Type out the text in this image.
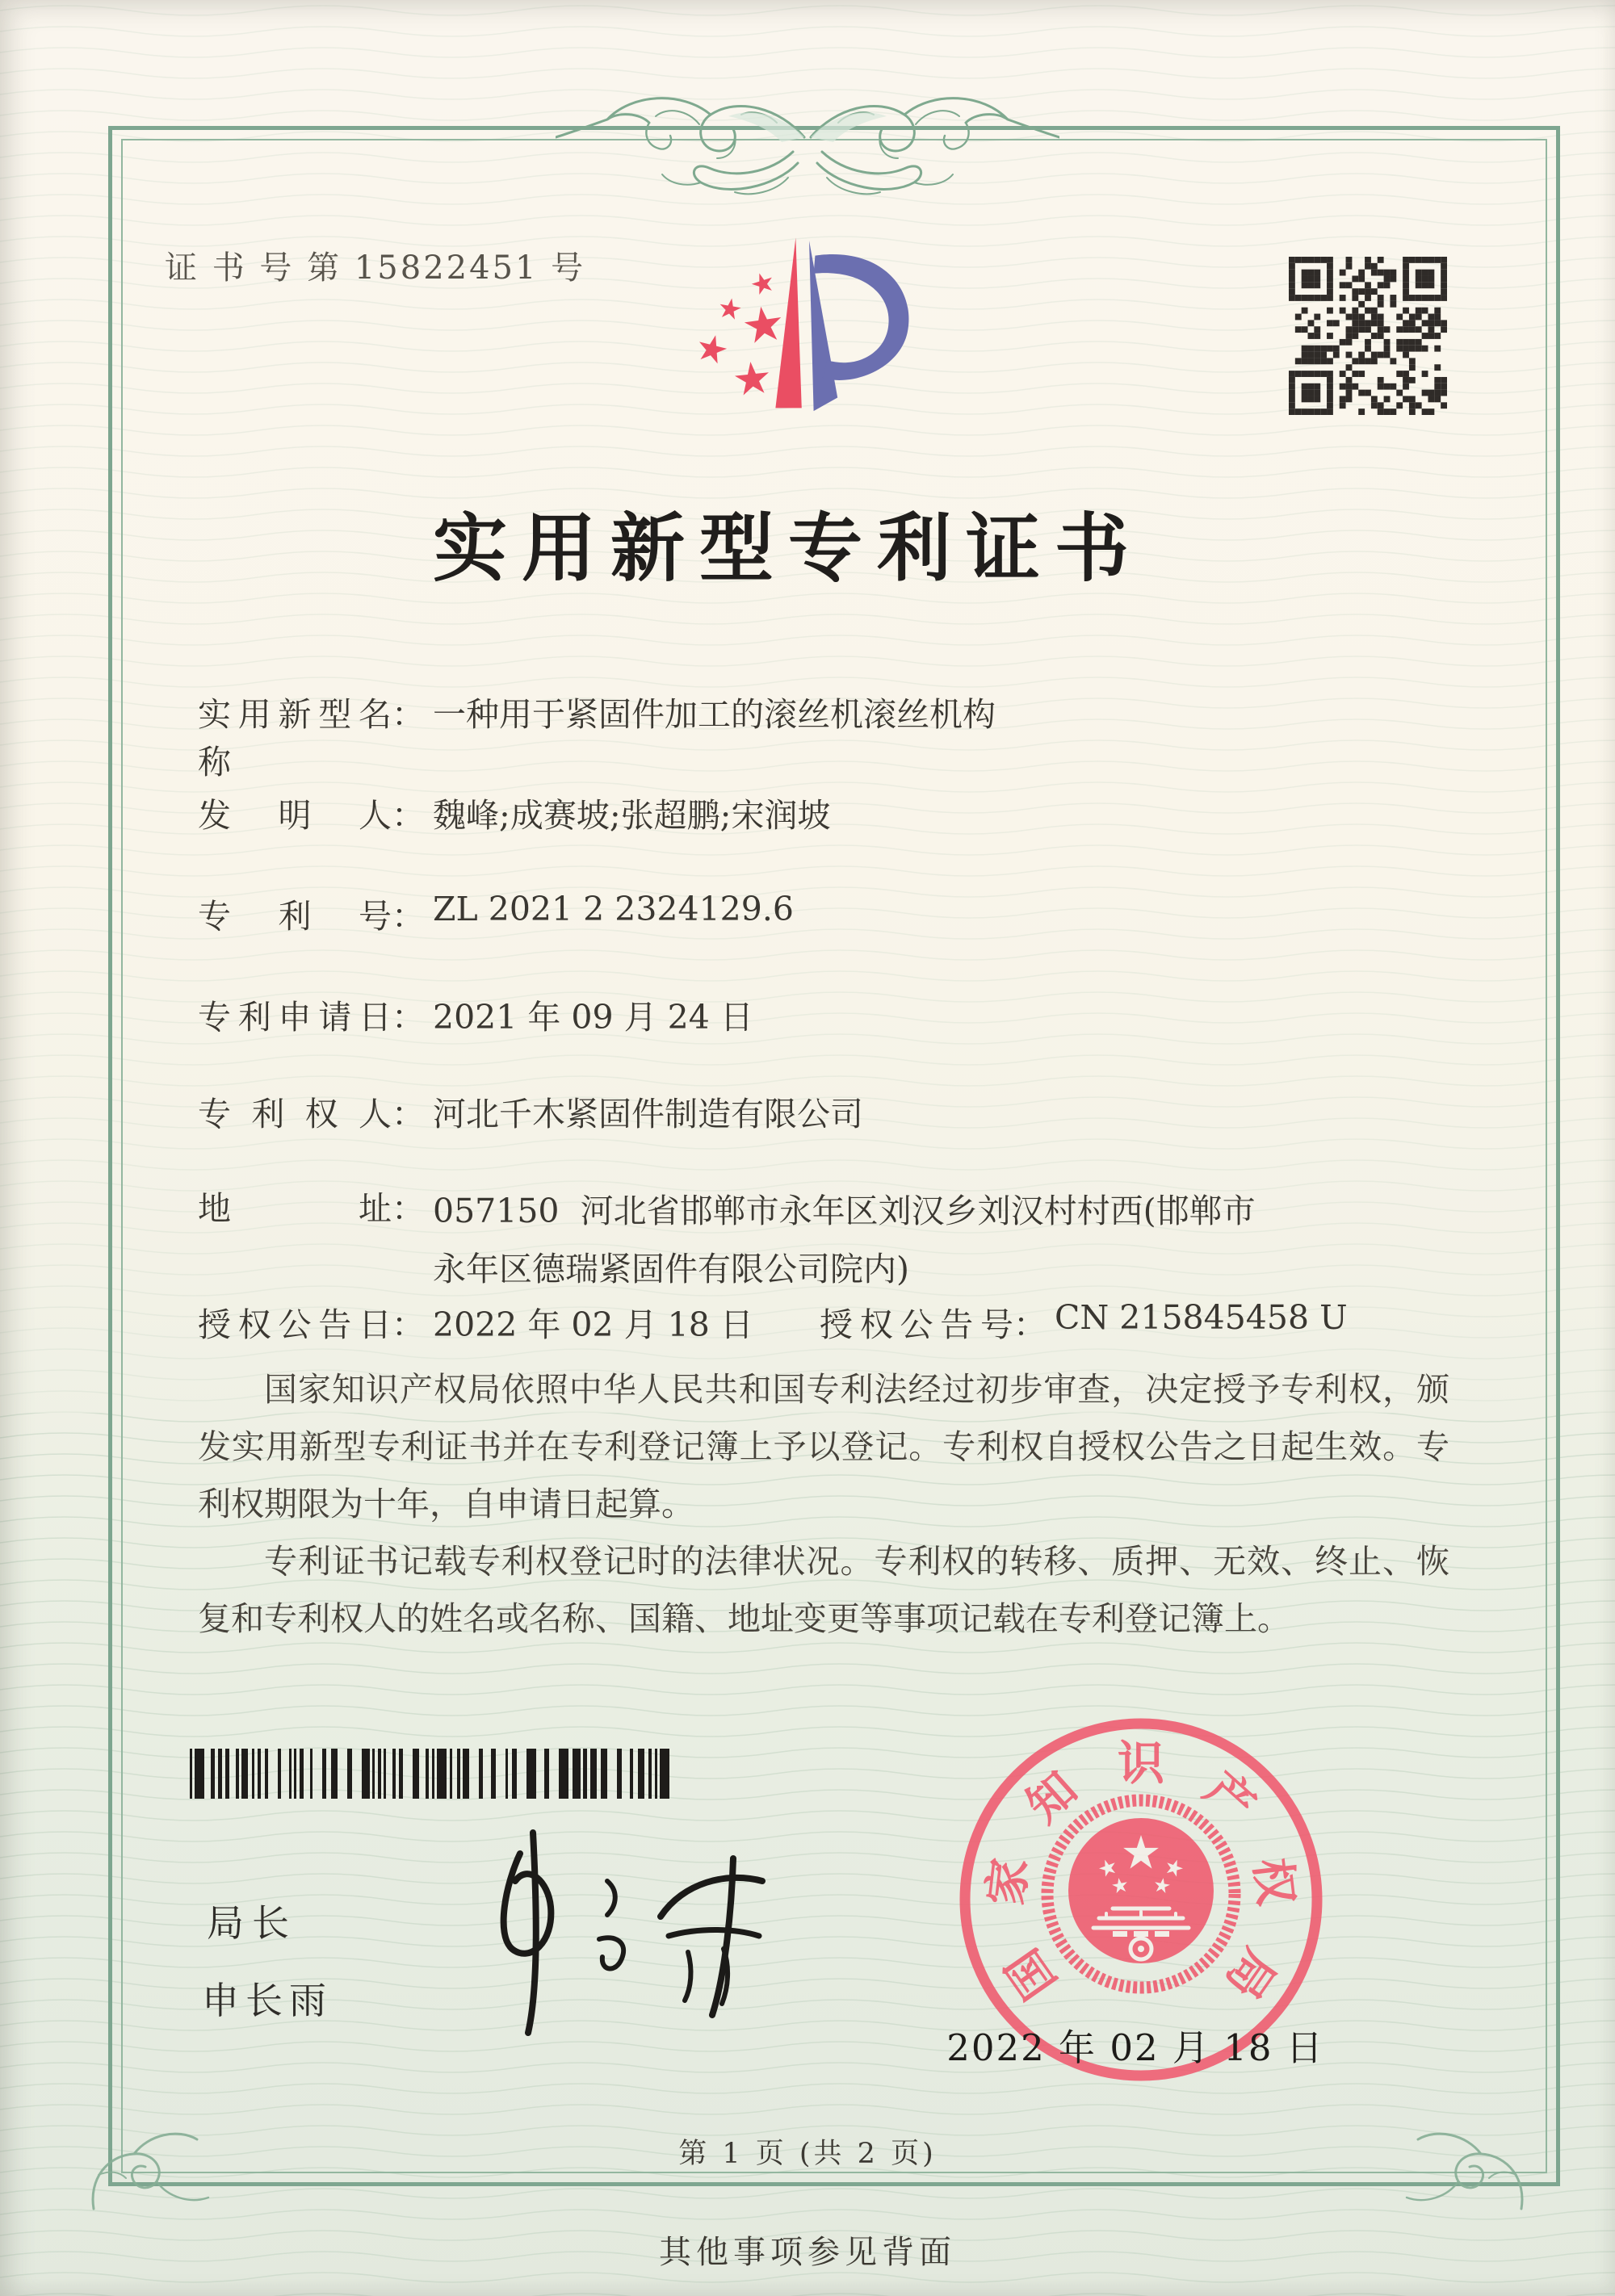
证 书 号 第 15822451 号
实用新型专利证书
实用新型名称
： 一种用于紧固件加工的滚丝机滚丝机构
发明人 ： 魏峰;成赛坡;张超鹏;宋润坡
专利号 ： ZL 2021 2 2324129.6
专利申请日 ： 2021 年 09 月 24 日
专利权人 ： 河北千木紧固件制造有限公司
地址 ： 057150  河北省邯郸市永年区刘汉乡刘汉村村西(邯郸市永年区德瑞紧固件有限公司院内)
授权公告日 ： 2022 年 02 月 18 日 授权公告号 ： CN 215845458 U

国家知识产权局依照中华人民共和国专利法经过初步审查，决定授予专利权，颁发实用新型专利证书并在专利登记簿上予以登记。专利权自授权公告之日起生效。专利权期限为十年，自申请日起算。

专利证书记载专利权登记时的法律状况。专利权的转移、质押、无效、终止、恢复和专利权人的姓名或名称、国籍、地址变更等事项记载在专利登记簿上。

局长
申长雨	国
家
知 识 产
权
局
2022 年 02 月 18 日
第 1 页 (共 2 页)
其他事项参见背面
